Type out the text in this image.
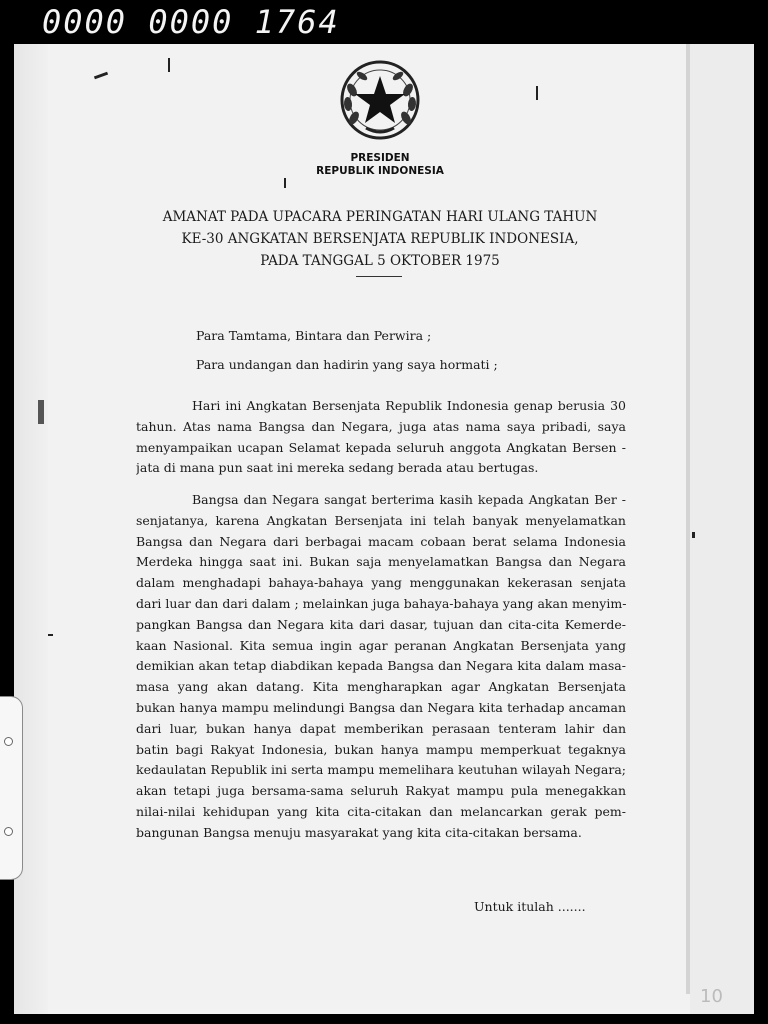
0000 0000 1764
PRESIDEN
REPUBLIK INDONESIA
AMANAT PADA UPACARA PERINGATAN HARI ULANG TAHUN
KE-30 ANGKATAN BERSENJATA REPUBLIK INDONESIA,
PADA TANGGAL 5 OKTOBER 1975
Para Tamtama, Bintara dan Perwira ;
Para undangan dan hadirin yang saya hormati ;
Hari ini Angkatan Bersenjata Republik Indonesia genap berusia 30
tahun. Atas nama Bangsa dan Negara, juga atas nama saya pribadi, saya
menyampaikan ucapan Selamat kepada seluruh anggota Angkatan Bersen -
jata di mana pun saat ini mereka sedang berada atau bertugas.
Bangsa dan Negara sangat berterima kasih kepada Angkatan Ber -
senjatanya, karena Angkatan Bersenjata ini telah banyak menyelamatkan
Bangsa dan Negara dari berbagai macam cobaan berat selama Indonesia
Merdeka hingga saat ini. Bukan saja menyelamatkan Bangsa dan Negara
dalam menghadapi bahaya-bahaya yang menggunakan kekerasan senjata
dari luar dan dari dalam ; melainkan juga bahaya-bahaya yang akan menyim-
pangkan Bangsa dan Negara kita dari dasar, tujuan dan cita-cita Kemerde-
kaan Nasional. Kita semua ingin agar peranan Angkatan Bersenjata yang
demikian akan tetap diabdikan kepada Bangsa dan Negara kita dalam masa-
masa yang akan datang. Kita mengharapkan agar Angkatan Bersenjata
bukan hanya mampu melindungi Bangsa dan Negara kita terhadap ancaman
dari luar, bukan hanya dapat memberikan perasaan tenteram lahir dan
batin bagi Rakyat Indonesia, bukan hanya mampu memperkuat tegaknya
kedaulatan Republik ini serta mampu memelihara keutuhan wilayah Negara;
akan tetapi juga bersama-sama seluruh Rakyat mampu pula menegakkan
nilai-nilai kehidupan yang kita cita-citakan dan melancarkan gerak pem-
bangunan Bangsa menuju masyarakat yang kita cita-citakan bersama.
Untuk itulah .......
10
